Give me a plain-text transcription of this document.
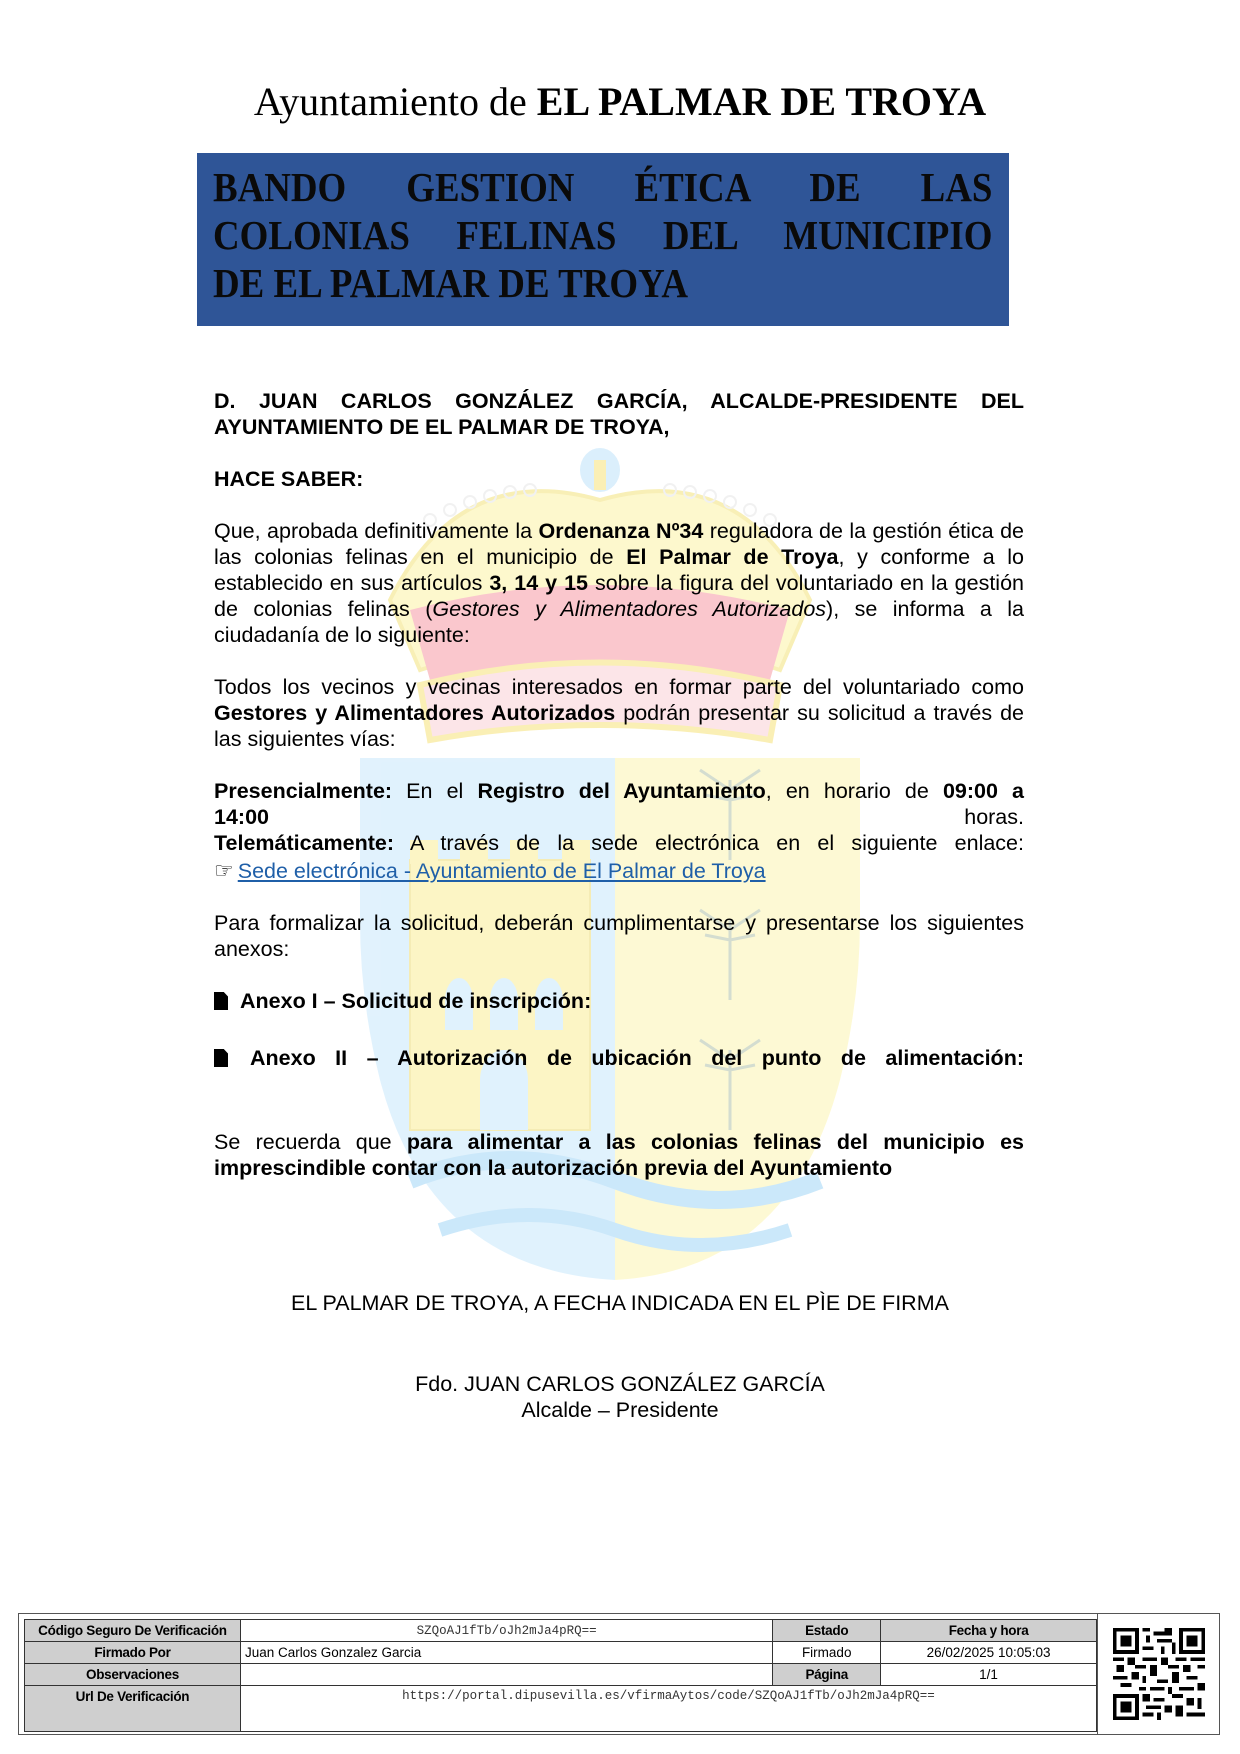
Ayuntamiento de EL PALMAR DE TROYA
BANDO GESTION ÉTICA DE LAS
COLONIAS FELINAS DEL MUNICIPIO
DE EL PALMAR DE TROYA

D. JUAN CARLOS GONZÁLEZ GARCÍA, ALCALDE-PRESIDENTE DEL AYUNTAMIENTO DE EL PALMAR DE TROYA,

HACE SABER:

Que, aprobada definitivamente la Ordenanza Nº34 reguladora de la gestión ética de las colonias felinas en el municipio de El Palmar de Troya, y conforme a lo establecido en sus artículos 3, 14 y 15 sobre la figura del voluntariado en la gestión de colonias felinas (Gestores y Alimentadores Autorizados), se informa a la ciudadanía de lo siguiente:

Todos los vecinos y vecinas interesados en formar parte del voluntariado como Gestores y Alimentadores Autorizados podrán presentar su solicitud a través de las siguientes vías:

Presencialmente: En el Registro del Ayuntamiento, en horario de 09:00 a
14:00	horas.
Telemáticamente: A través de la sede electrónica en el siguiente enlace:
☞ Sede electrónica - Ayuntamiento de El Palmar de Troya

Para formalizar la solicitud, deberán cumplimentarse y presentarse los siguientes anexos:

Anexo I – Solicitud de inscripción:
Anexo II – Autorización de ubicación del punto de alimentación:

Se recuerda que para alimentar a las colonias felinas del municipio es imprescindible contar con la autorización previa del Ayuntamiento

EL PALMAR DE TROYA, A FECHA INDICADA EN EL PÌE DE FIRMA
Fdo. JUAN CARLOS GONZÁLEZ GARCÍA
Alcalde – Presidente
Código Seguro De Verificación	SZQoAJ1fTb/oJh2mJa4pRQ==	Estado	Fecha y hora
Firmado Por	Juan Carlos Gonzalez Garcia	Firmado	26/02/2025 10:05:03
Observaciones		Página	1/1
Url De Verificación	https://portal.dipusevilla.es/vfirmaAytos/code/SZQoAJ1fTb/oJh2mJa4pRQ==		
